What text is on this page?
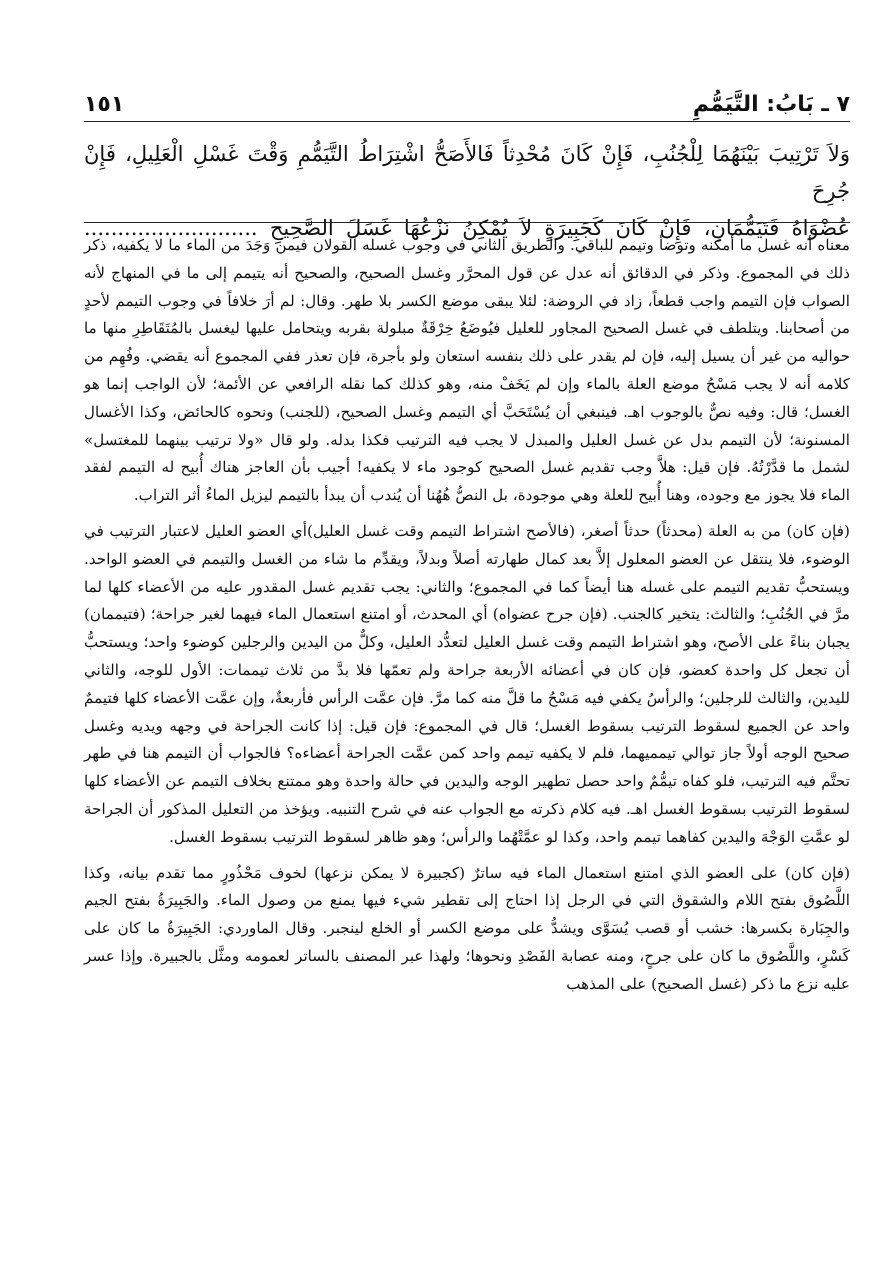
٧ ـ بَابُ: التَّيَمُّمِ
١٥١

وَلاَ تَرْتِيبَ بَيْنَهُمَا لِلْجُنُبِ، فَإِنْ كَانَ مُحْدِثاً فَالأَصَحُّ اشْتِرَاطُ التَّيَمُّمِ وَقْتَ غَسْلِ الْعَلِيلِ، فَإِنْ جُرِحَ

عُضْوَاهُ فَتَيَمُّمَانِ، فَإِنْ كَانَ كَجَبِيرَةٍ لاَ يُمْكِنُ نَزْعُهَا غَسَلَ الصَّحِيحِ ..........................

معناه أنه غسل ما أمكنه وتوضأ وتيمم للباقي. والطريق الثاني في وجوب غسله القولان فيمن وَجَدَ من الماء ما لا يكفيه، ذكر ذلك في المجموع. وذكر في الدقائق أنه عدل عن قول المحرَّر وغسل الصحيح، والصحيح أنه يتيمم إلى ما في المنهاج لأنه الصواب فإن التيمم واجب قطعاً، زاد في الروضة: لئلا يبقى موضع الكسر بلا طهر. وقال: لم أرَ خلافاً في وجوب التيمم لأحدٍ من أصحابنا. ويتلطف في غسل الصحيح المجاور للعليل فيُوضَعُ خِرْقَةٌ مبلولة بقربه ويتحامل عليها ليغسل بالمُتَقَاطِرِ منها ما حواليه من غير أن يسيل إليه، فإن لم يقدر على ذلك بنفسه استعان ولو بأجرة، فإن تعذر ففي المجموع أنه يقضي. وفُهِم من كلامه أنه لا يجب مَسْحُ موضع العلة بالماء وإن لم يَخَفْ منه، وهو كذلك كما نقله الرافعي عن الأئمة؛ لأن الواجب إنما هو الغسل؛ قال: وفيه نصٌّ بالوجوب اهـ. فينبغي أن يُسْتَحَبَّ أي التيمم وغسل الصحيح، (للجنب) ونحوه كالحائض، وكذا الأغسال المسنونة؛ لأن التيمم بدل عن غسل العليل والمبدل لا يجب فيه الترتيب فكذا بدله. ولو قال «ولا ترتيب بينهما للمغتسل» لشمل ما قدَّرْتُهُ. فإن قيل: هلاَّ وجب تقديم غسل الصحيح كوجود ماء لا يكفيه! أجيب بأن العاجز هناك أُبيح له التيمم لفقد الماء فلا يجوز مع وجوده، وهنا أُبيح للعلة وهي موجودة، بل النصُّ هُهُنا أن يُندب أن يبدأ بالتيمم ليزيل الماءُ أثر التراب.

(فإن كان) من به العلة (محدثاً) حدثاً أصغر، (فالأصح اشتراط التيمم وقت غسل العليل)أي العضو العليل لاعتبار الترتيب في الوضوء، فلا ينتقل عن العضو المعلول إلاَّ بعد كمال طهارته أصلاً وبدلاً، ويقدِّم ما شاء من الغسل والتيمم في العضو الواحد. ويستحبُّ تقديم التيمم على غسله هنا أيضاً كما في المجموع؛ والثاني: يجب تقديم غسل المقدور عليه من الأعضاء كلها لما مرَّ في الجُنُبِ؛ والثالث: يتخير كالجنب. (فإن جرح عضواه) أي المحدث، أو امتنع استعمال الماء فيهما لغير جراحة؛ (فتيممان) يجبان بناءً على الأصح، وهو اشتراط التيمم وقت غسل العليل لتعدُّد العليل، وكلٌّ من اليدين والرجلين كوضوء واحد؛ ويستحبُّ أن تجعل كل واحدة كعضو، فإن كان في أعضائه الأربعة جراحة ولم تعمّها فلا بدَّ من ثلاث تيممات: الأول للوجه، والثاني لليدين، والثالث للرجلين؛ والرأسُ يكفي فيه مَسْحُ ما قلَّ منه كما مرَّ. فإن عمَّت الرأس فأربعةٌ، وإن عمَّت الأعضاء كلها فتيممٌ واحد عن الجميع لسقوط الترتيب بسقوط الغسل؛ قال في المجموع: فإن قيل: إذا كانت الجراحة في وجهه ويديه وغسل صحيح الوجه أولاً جاز توالي تيمميهما، فلم لا يكفيه تيمم واحد كمن عمَّت الجراحة أعضاءه؟ فالجواب أن التيمم هنا في طهر تحتَّم فيه الترتيب، فلو كفاه تيمُّمٌ واحد حصل تطهير الوجه واليدين في حالة واحدة وهو ممتنع بخلاف التيمم عن الأعضاء كلها لسقوط الترتيب بسقوط الغسل اهـ. فيه كلام ذكرته مع الجواب عنه في شرح التنبيه. ويؤخذ من التعليل المذكور أن الجراحة لو عمَّتِ الوَجْهَ واليدين كفاهما تيمم واحد، وكذا لو عمَّتْهُما والرأس؛ وهو ظاهر لسقوط الترتيب بسقوط الغسل.

(فإن كان) على العضو الذي امتنع استعمال الماء فيه ساترٌ (كجبيرة لا يمكن نزعها) لخوف مَحْذُورٍ مما تقدم بيانه، وكذا اللَّصُوق بفتح اللام والشقوق التي في الرجل إذا احتاج إلى تقطير شيء فيها يمنع من وصول الماء. والجَبِيرَةُ بفتح الجيم والجِبَارة بكسرها: خشب أو قصب يُسَوَّى ويشدُّ على موضع الكسر أو الخلع لينجبر. وقال الماوردي: الجَبِيرَةُ ما كان على كَسْرٍ، واللَّصُوق ما كان على جرحٍ، ومنه عصابة الفَصْدِ ونحوها؛ ولهذا عبر المصنف بالساتر لعمومه ومثَّل بالجبيرة. وإذا عسر عليه نزع ما ذكر (غسل الصحيح) على المذهب
